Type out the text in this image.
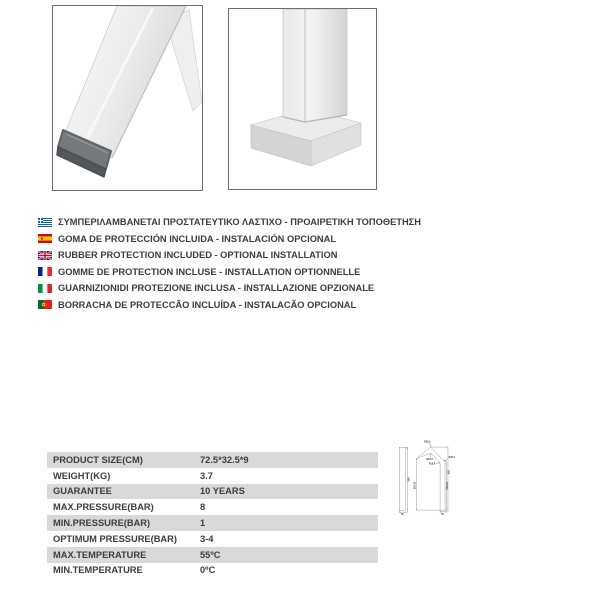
ΣΥΜΠΕΡΙΛΑΜΒΑΝΕΤΑΙ ΠΡΟΣΤΑΤΕΥΤΙΚΟ ΛΑΣΤΙΧΟ - ΠΡΟΑΙΡΕΤΙΚΗ ΤΟΠΟΘΕΤΗΣΗ
GOMA DE PROTECCIÓN INCLUIDA - INSTALACIÓN OPCIONAL
RUBBER PROTECTION INCLUDED - OPTIONAL INSTALLATION
GOMME DE PROTECTION INCLUSE - INSTALLATION OPTIONNELLE
GUARNIZIONIDI PROTEZIONE INCLUSA - INSTALLAZIONE OPZIONALE
BORRACHA DE PROTECCÃO INCLUÍDA - INSTALACÃO OPCIONAL
PRODUCT SIZE(CM)	72.5*32.5*9
WEIGHT(KG)	3.7
GUARANTEE	10 YEARS
MAX.PRESSURE(BAR)	8
MIN.PRESSURE(BAR)	1
OPTIMUM PRESSURE(BAR)	3-4
MAX.TEMPERATURE	55ºC
MIN.TEMPERATURE	0ºC
R38.9
R18.8
R18.8
R28.9
680
60
550.52	539.64
680
55
